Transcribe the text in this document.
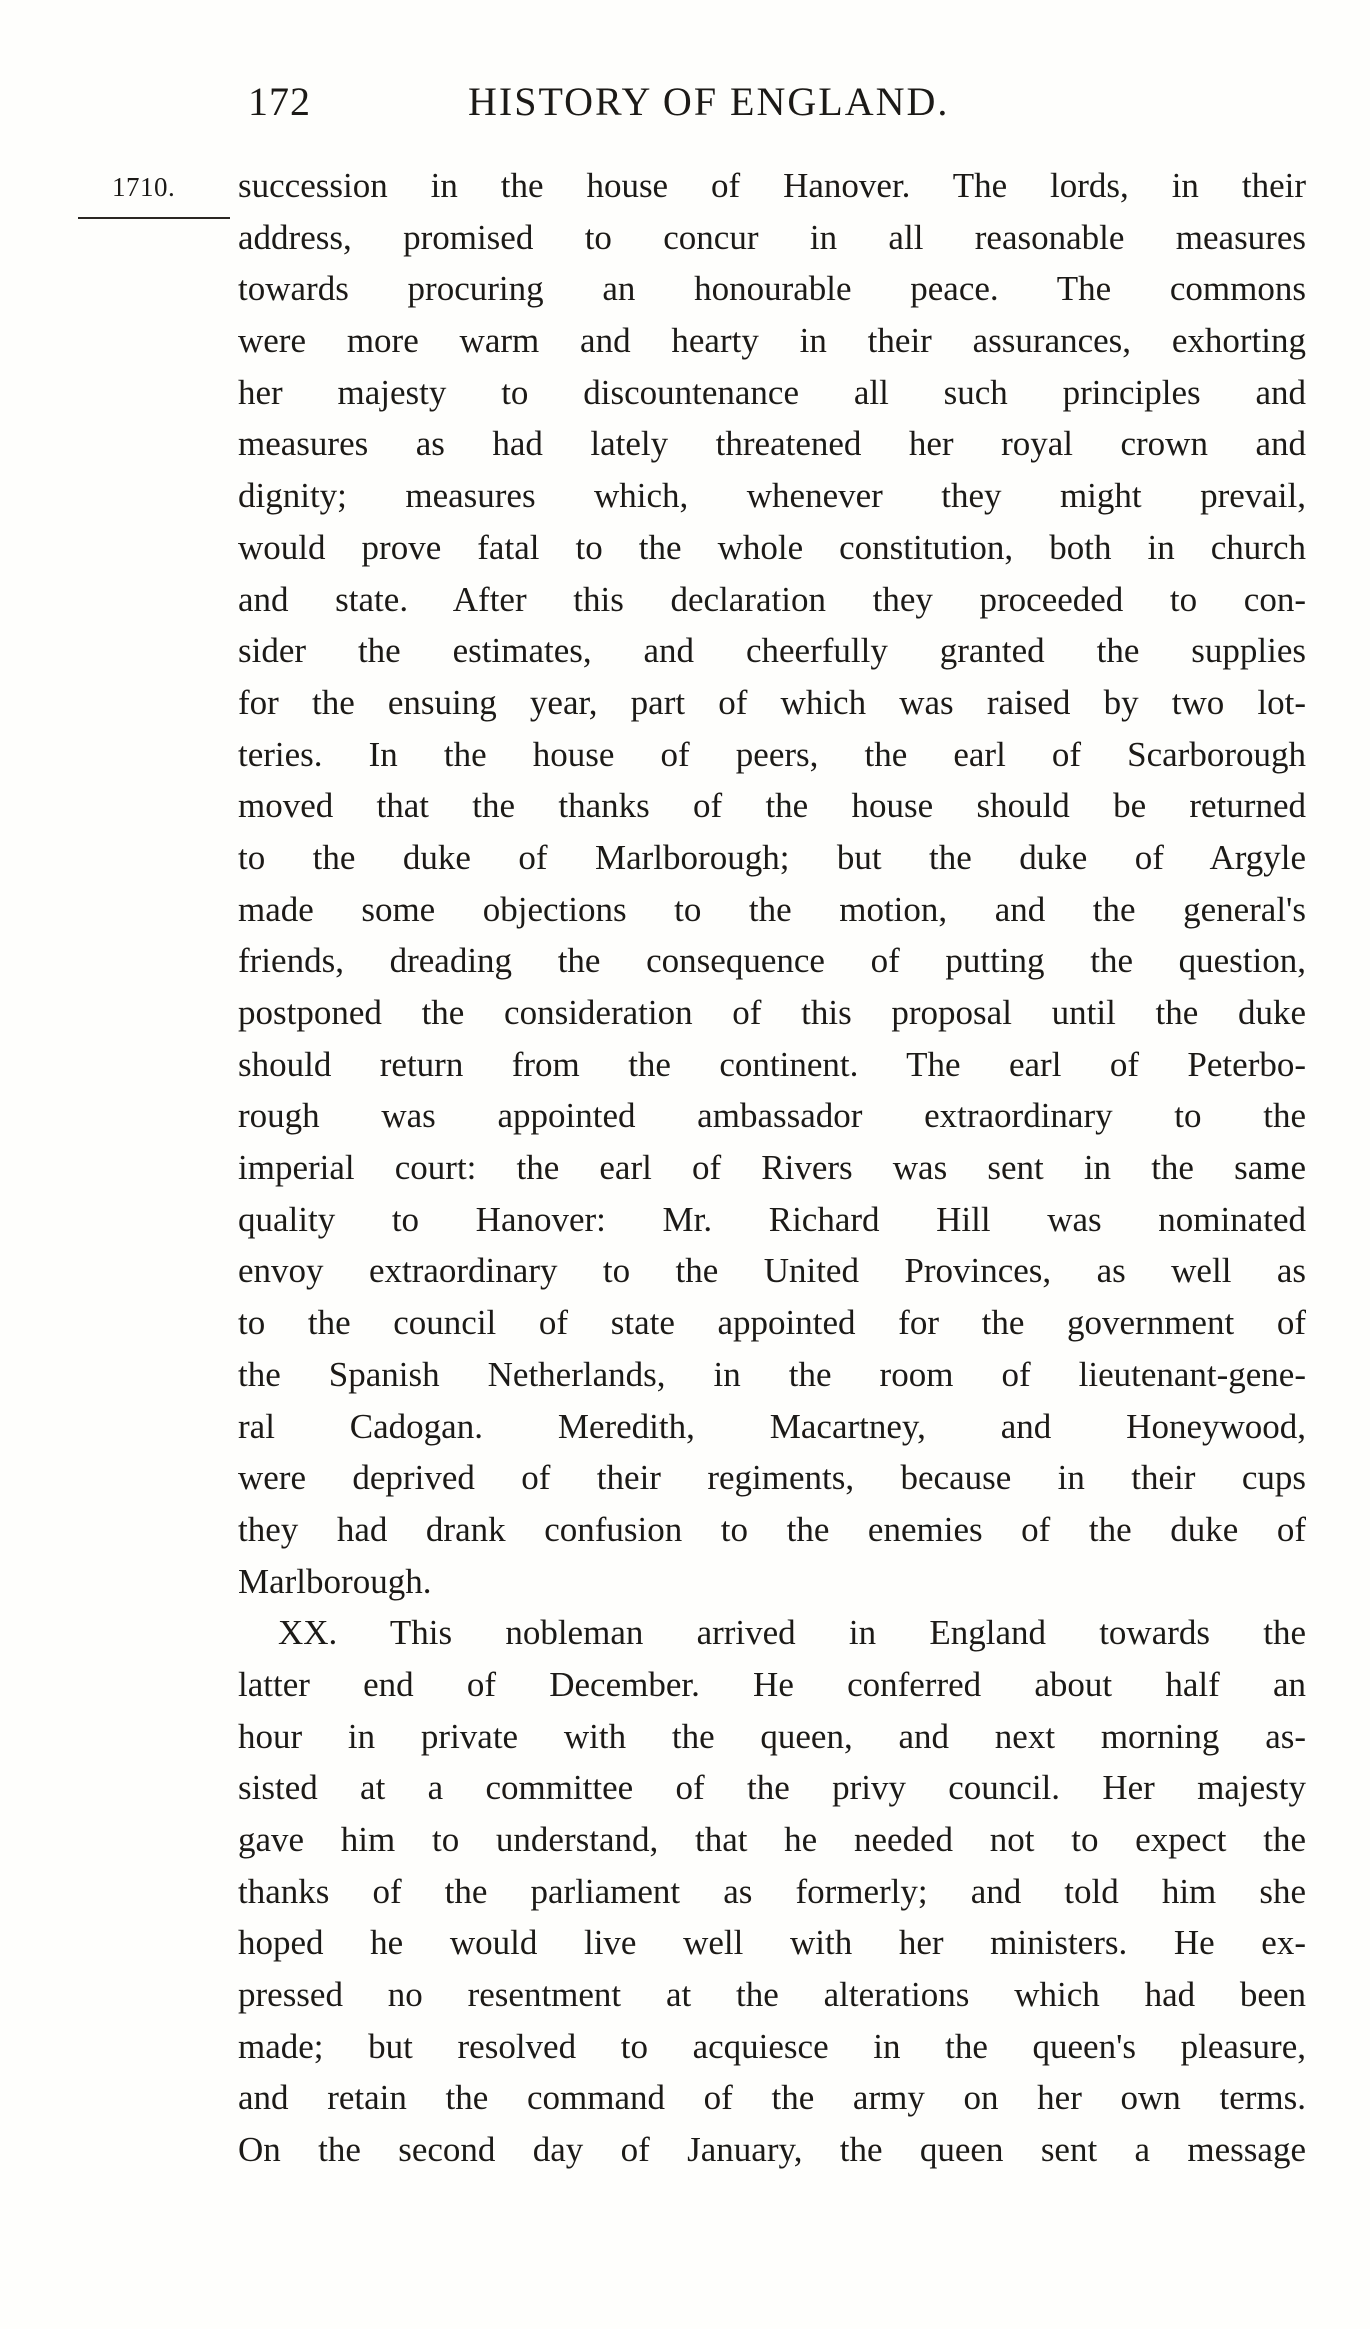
172	HISTORY OF ENGLAND.
1710. succession in the house of Hanover. The lords, in their
address, promised to concur in all reasonable measures
towards procuring an honourable peace. The commons
were more warm and hearty in their assurances, exhorting
her majesty to discountenance all such principles and
measures as had lately threatened her royal crown and
dignity; measures which, whenever they might prevail,
would prove fatal to the whole constitution, both in church
and state. After this declaration they proceeded to con-
sider the estimates, and cheerfully granted the supplies
for the ensuing year, part of which was raised by two lot-
teries. In the house of peers, the earl of Scarborough
moved that the thanks of the house should be returned
to the duke of Marlborough; but the duke of Argyle
made some objections to the motion, and the general's
friends, dreading the consequence of putting the question,
postponed the consideration of this proposal until the duke
should return from the continent. The earl of Peterbo-
rough was appointed ambassador extraordinary to the
imperial court: the earl of Rivers was sent in the same
quality to Hanover: Mr. Richard Hill was nominated
envoy extraordinary to the United Provinces, as well as
to the council of state appointed for the government of
the Spanish Netherlands, in the room of lieutenant-gene-
ral Cadogan. Meredith, Macartney, and Honeywood,
were deprived of their regiments, because in their cups
they had drank confusion to the enemies of the duke of
Marlborough.
XX. This nobleman arrived in England towards the
latter end of December. He conferred about half an
hour in private with the queen, and next morning as-
sisted at a committee of the privy council. Her majesty
gave him to understand, that he needed not to expect the
thanks of the parliament as formerly; and told him she
hoped he would live well with her ministers. He ex-
pressed no resentment at the alterations which had been
made; but resolved to acquiesce in the queen's pleasure,
and retain the command of the army on her own terms.
On the second day of January, the queen sent a message
